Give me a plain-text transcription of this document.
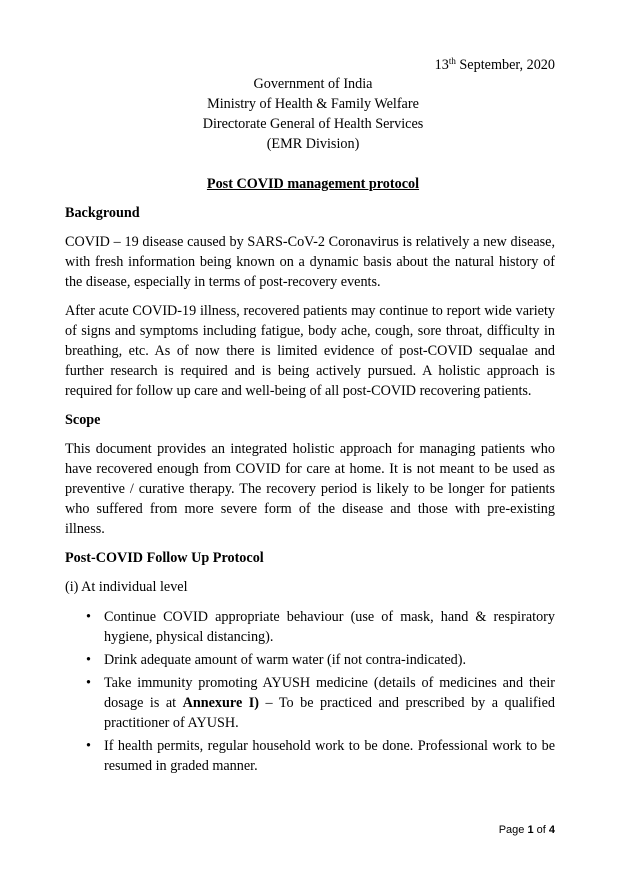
13th September, 2020
Government of India
Ministry of Health & Family Welfare
Directorate General of Health Services
(EMR Division)
Post COVID management protocol
Background

COVID – 19 disease caused by SARS-CoV-2 Coronavirus is relatively a new disease, with fresh information being known on a dynamic basis about the natural history of the disease, especially in terms of post-recovery events.

After acute COVID-19 illness, recovered patients may continue to report wide variety of signs and symptoms including fatigue, body ache, cough, sore throat, difficulty in breathing, etc. As of now there is limited evidence of post-COVID sequalae and further research is required and is being actively pursued. A holistic approach is required for follow up care and well-being of all post-COVID recovering patients.

Scope

This document provides an integrated holistic approach for managing patients who have recovered enough from COVID for care at home. It is not meant to be used as preventive / curative therapy. The recovery period is likely to be longer for patients who suffered from more severe form of the disease and those with pre-existing illness.

Post-COVID Follow Up Protocol
(i) At individual level
• Continue COVID appropriate behaviour (use of mask, hand & respiratory hygiene, physical distancing).
• Drink adequate amount of warm water (if not contra-indicated).
• Take immunity promoting AYUSH medicine (details of medicines and their dosage is at Annexure I) – To be practiced and prescribed by a qualified practitioner of AYUSH.
• If health permits, regular household work to be done. Professional work to be resumed in graded manner.
Page 1 of 4
